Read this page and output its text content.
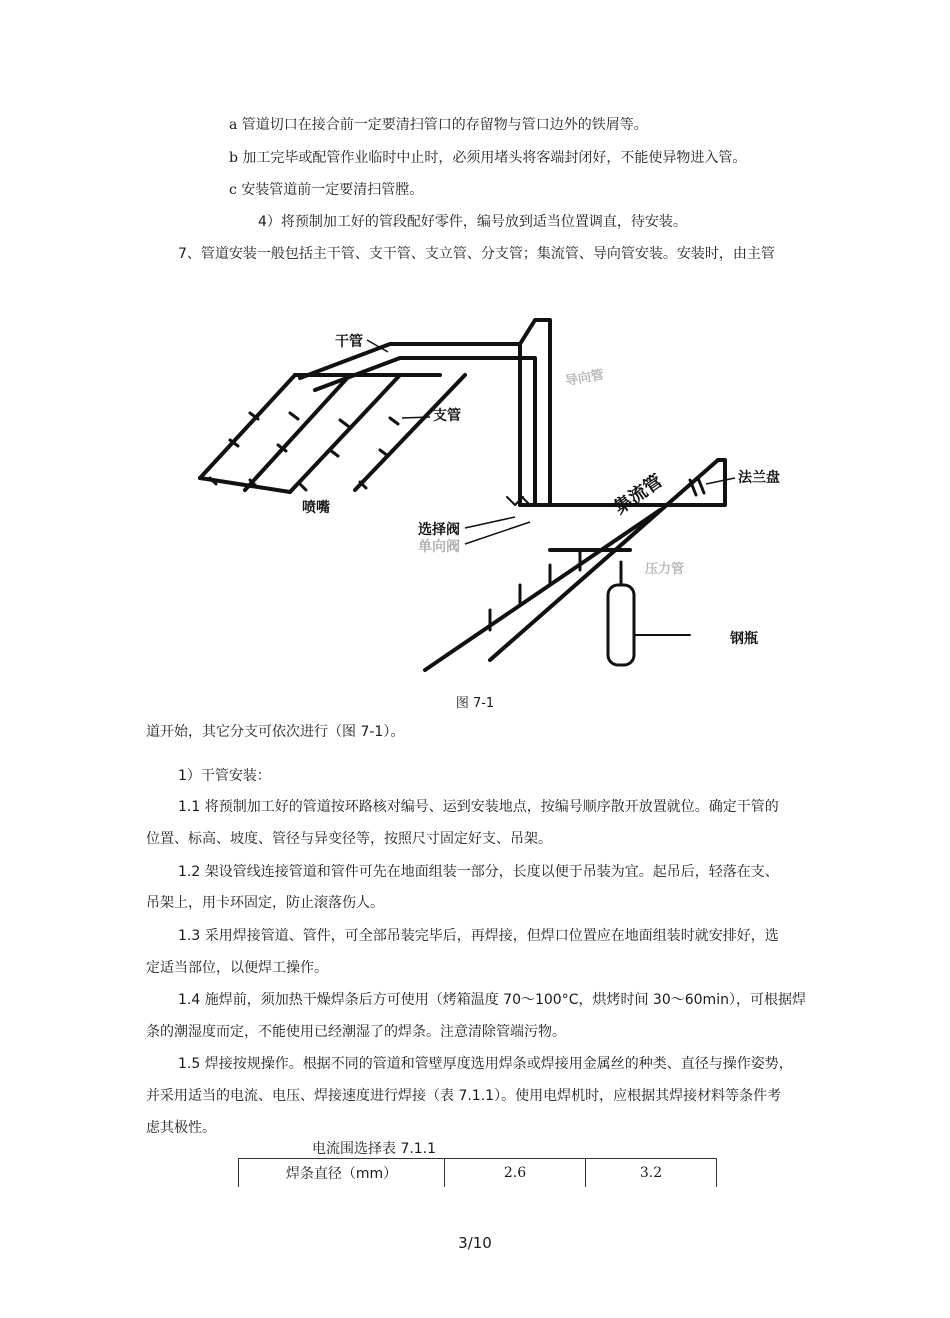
a 管道切口在接合前一定要清扫管口的存留物与管口边外的铁屑等。
b 加工完毕或配管作业临时中止时，必须用堵头将客端封闭好，不能使异物进入管。
c 安装管道前一定要清扫管膛。
4）将预制加工好的管段配好零件，编号放到适当位置调直，待安装。
7、管道安装一般包括主干管、支干管、支立管、分支管；集流管、导向管安装。安装时，由主管
干管
支管
喷嘴
选择阀
单向阀
集流管	法兰盘
压力管
导向管
钢瓶
图 7-1
道开始，其它分支可依次进行（图 7-1）。
1）干管安装：
1.1 将预制加工好的管道按环路核对编号、运到安装地点，按编号顺序散开放置就位。确定干管的
位置、标高、坡度、管径与异变径等，按照尺寸固定好支、吊架。
1.2 架设管线连接管道和管件可先在地面组装一部分，长度以便于吊装为宜。起吊后，轻落在支、
吊架上，用卡环固定，防止滚落伤人。
1.3 采用焊接管道、管件，可全部吊装完毕后，再焊接，但焊口位置应在地面组装时就安排好，选
定适当部位，以便焊工操作。
1.4 施焊前，须加热干燥焊条后方可使用（烤箱温度 70～100°C，烘烤时间 30～60min），可根据焊
条的潮湿度而定，不能使用已经潮湿了的焊条。注意清除管端污物。
1.5 焊接按规操作。根据不同的管道和管壁厚度选用焊条或焊接用金属丝的种类、直径与操作姿势，
并采用适当的电流、电压、焊接速度进行焊接（表 7.1.1）。使用电焊机时，应根据其焊接材料等条件考
虑其极性。
电流围选择表 7.1.1
焊条直径（mm）	2.6	3.2
3/10
